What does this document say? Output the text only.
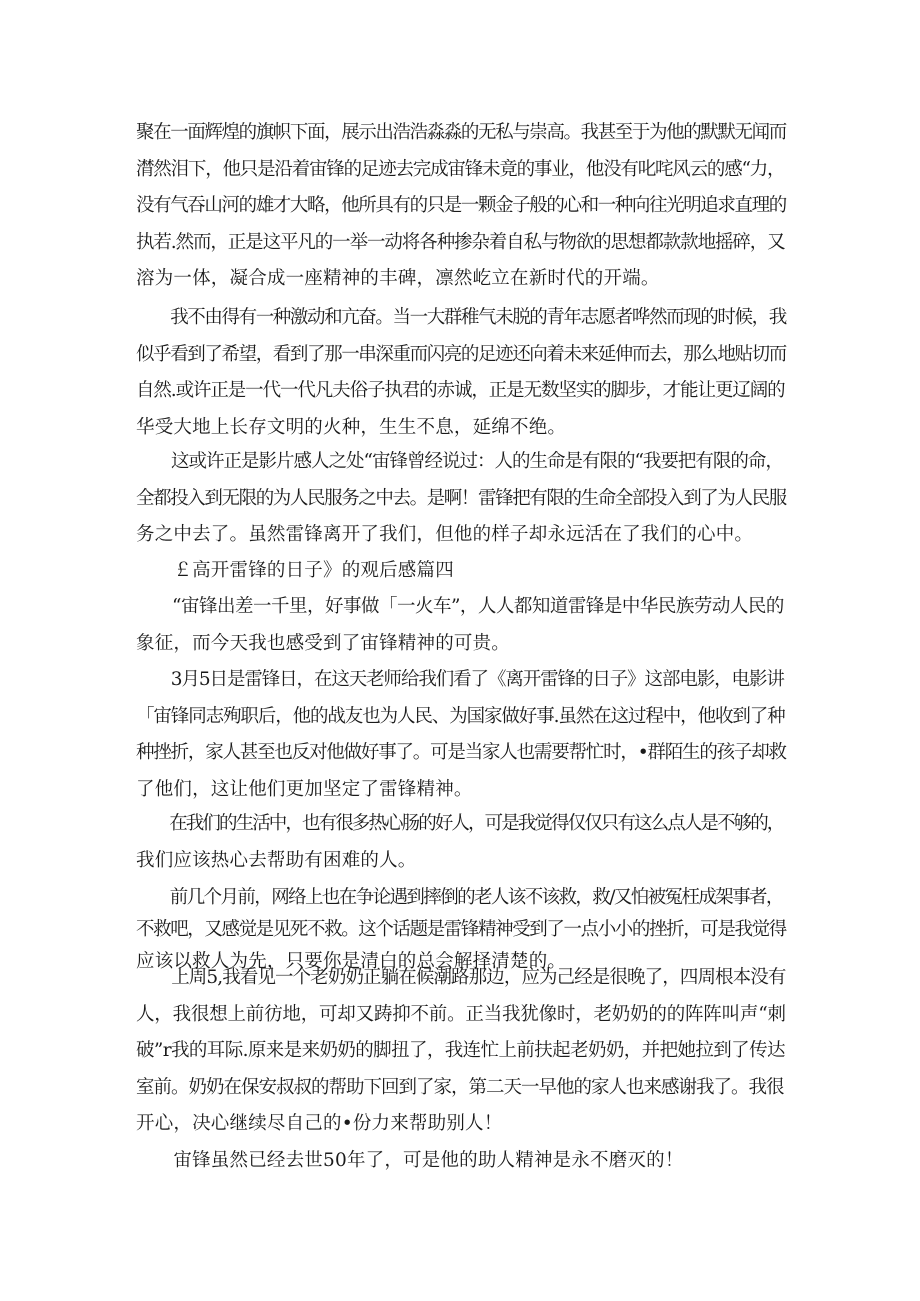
聚在一面辉煌的旗帜下面，展示出浩浩淼淼的无私与崇高。我甚至于为他的默默无闻而
潸然泪下，他只是沿着宙锋的足迹去完成宙锋未竟的事业，他没有叱咤风云的感“力，
没有气吞山河的雄才大略，他所具有的只是一颗金子般的心和一种向往光明追求直理的
执若.然而，正是这平凡的一举一动将各种掺杂着自私与物欲的思想都款款地摇碎，又
溶为一体，凝合成一座精神的丰碑，凛然屹立在新时代的开端。
　　我不由得有一种激动和亢奋。当一大群稚气未脱的青年志愿者哗然而现的时候，我
似乎看到了希望，看到了那一串深重而闪亮的足迹还向着未来延伸而去，那么地贴切而
自然.或许正是一代一代凡夫俗子执君的赤诚，正是无数坚实的脚步，才能让更辽阔的
华受大地上长存文明的火种，生生不息，延绵不绝。
　　这或许正是影片感人之处“宙锋曾经说过：人的生命是有限的“我要把有限的命，
全都投入到无限的为人民服务之中去。是啊！雷锋把有限的生命全部投入到了为人民服
务之中去了。虽然雷锋离开了我们，但他的样子却永远活在了我们的心中。
　　￡高开雷锋的日子》的观后感篇四
　　“宙锋出差一千里，好事做「一火车”，人人都知道雷锋是中华民族劳动人民的
象征，而今天我也感受到了宙锋精神的可贵。
　　3月5日是雷锋日，在这天老师给我们看了《离开雷锋的日子》这部电影，电影讲
「宙锋同志殉职后，他的战友也为人民、为国家做好事.虽然在这过程中，他收到了种
种挫折，家人甚至也反对他做好事了。可是当家人也需要帮忙时，•群陌生的孩子却救
了他们，这让他们更加坚定了雷锋精神。
　　在我们的生活中，也有很多热心肠的好人，可是我觉得仅仅只有这么点人是不够的，
我们应该热心去帮助有困难的人。
　　前几个月前，网络上也在争论遇到摔倒的老人该不该救，救/又怕被冤枉成架事者，
不救吧，又感觉是见死不救。这个话题是雷锋精神受到了一点小小的挫折，可是我觉得
应该以救人为先，只要你是清白的总会解择清楚的。
　　上周5,我看见一个老奶奶正躺在候潮路那边，应为己经是很晚了，四周根本没有
人，我很想上前彷地，可却又踌抑不前。正当我犹像时，老奶奶的的阵阵叫声“刺
破”r我的耳际.原来是来奶奶的脚扭了，我连忙上前扶起老奶奶，并把她拉到了传达
室前。奶奶在保安叔叔的帮助下回到了家，第二天一早他的家人也来感谢我了。我很
开心，决心继续尽自己的•份力来帮助别人！
　　宙锋虽然已经去世50年了，可是他的助人精神是永不磨灭的！
